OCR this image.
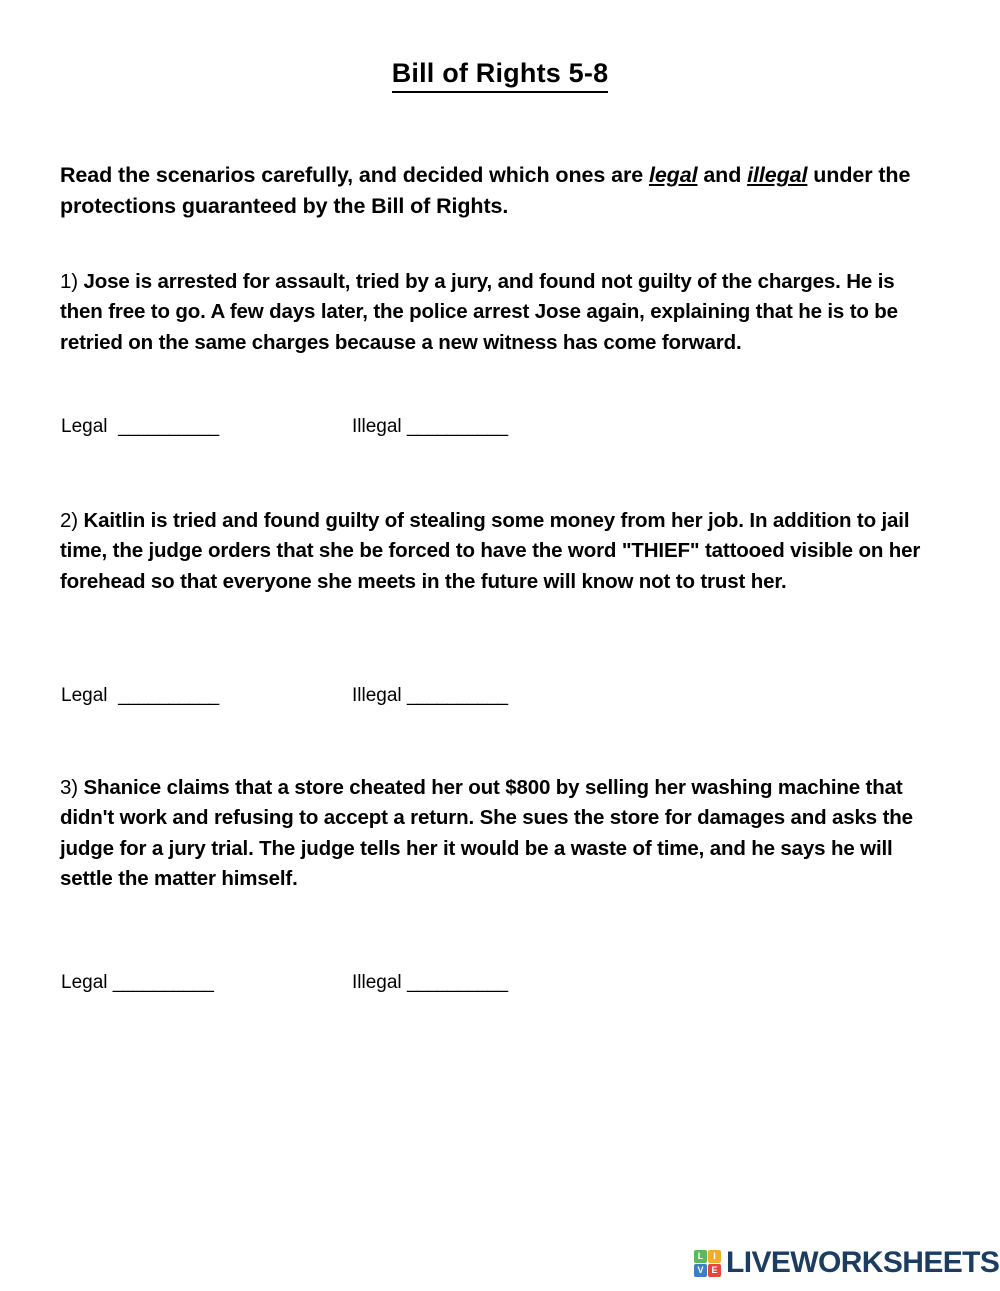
Bill of Rights 5-8

Read the scenarios carefully, and decided which ones are legal and illegal under the protections guaranteed by the Bill of Rights.

1) Jose is arrested for assault, tried by a jury, and found not guilty of the charges. He is then free to go. A few days later, the police arrest Jose again, explaining that he is to be retried on the same charges because a new witness has come forward.

Legal __________	Illegal __________

2) Kaitlin is tried and found guilty of stealing some money from her job. In addition to jail time, the judge orders that she be forced to have the word "THIEF" tattooed visible on her forehead so that everyone she meets in the future will know not to trust her.

Legal __________	Illegal __________

3) Shanice claims that a store cheated her out $800 by selling her washing machine that didn't work and refusing to accept a return. She sues the store for damages and asks the judge for a jury trial. The judge tells her it would be a waste of time, and he says he will settle the matter himself.

Legal __________	Illegal __________
L	I
V E LIVEWORKSHEETS
